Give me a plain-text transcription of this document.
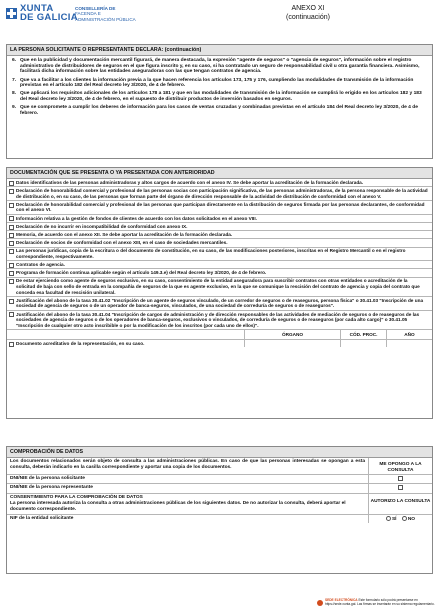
XUNTA
DE GALICIA
CONSELLERÍA DE
FACENDA E
ADMINISTRACIÓN PÚBLICA
ANEXO XI
(continuación)
LA PERSONA SOLICITANTE O REPRESENTANTE DECLARA: (continuación)
6. Que en la publicidad y documentación mercantil figurará, de manera destacada, la expresión "agente de seguros" o "agencia de seguros", información sobre el registro administrativo de distribuidores de seguros en el que figura inscrito y, en su caso, si ha contratado un seguro de responsabilidad civil u otra garantía financiera. Asimismo, facilitará dicha información sobre las entidades aseguradoras con las que tengan contratos de agencia.
7. Que va a facilitar a los clientes la información previa a la que hacen referencia los artículos 173, 175 y 176, cumpliendo las modalidades de transmisión de la información previstas en el artículo 182 del Real decreto ley 3/2020, de 4 de febrero.
8. Que aplicará los requisitos adicionales de los artículos 178 a 181 y que en las modalidades de transmisión de la información se cumplirá lo erigido en los artículos 182 y 183 del Real decreto ley 3/2020, de 4 de febrero, en el supuesto de distribuir productos de inversión basados en seguros.
9. Que se compromete a cumplir los deberes de información para los casos de ventas cruzadas y combinadas previstas en el artículo 184 del Real decreto ley 3/2020, de 4 de febrero.
DOCUMENTACIÓN QUE SE PRESENTA O YA PRESENTADA CON ANTERIORIDAD
Datos identificativos de las personas administradoras y altos cargos de acuerdo con el anexo IV. Se debe aportar la acreditación de la formación declarada.
Declaración de honorabilidad comercial y profesional de las personas socias con participación significativa, de las personas administradoras, de la persona responsable de la actividad de distribución o, en su caso, de las personas que forman parte del órgano de dirección responsable de la actividad de distribución de conformidad con el anexo V.
Declaración de honorabilidad comercial y profesional de las personas que participan directamente en la distribución de seguros firmada por las personas declarantes, de conformidad con el anexo VI.
Información relativa a la gestión de fondos de clientes de acuerdo con los datos solicitados en el anexo VIII.
Declaración de no incurrir en incompatibilidad de conformidad con anexo IX.
Memoria, de acuerdo con el anexo XII. Se debe aportar la acreditación de la formación declarada.
Declaración de socios de conformidad con el anexo XIII, en el caso de sociedades mercantiles.
Las personas jurídicas, copia de la escritura o del documento de constitución, en su caso, de las modificaciones posteriores, inscritas en el Registro Mercantil o en el registro correspondiente, respectivamente.
Contratos de agencia.
Programa de formación continua aplicable según el artículo 149.3.e) del Real decreto ley 3/2020, de 4 de febrero.
De estar ejerciendo como agente de seguros exclusivo, en su caso, consentimiento de la entidad aseguradora para suscribir contratos con otras entidades o acreditación de la solicitud de baja con sello de entrada en la compañía de seguros de la que es agente exclusivo, en la que se comunique la rescisión del contrato de agencia y copia del contrato que conceda esa facultad de rescisión unilateral.
Justificación del abono de la tasa 30.41.02 "Inscripción de un agente de seguros vinculado, de un corredor de seguros o de reaseguros, persona física" o 30.41.03 "Inscripción de una sociedad de agencia de seguros o de un operador de banca-seguros, vinculados, de una sociedad de correduría de seguros o de reaseguros".
Justificación del abono de la tasa 30.41.04 "Inscripción de cargos de administración y de dirección responsables de las actividades de mediación de seguros o de reaseguros de las sociedades de agencia de seguros o de los operadores de banca-seguros, exclusivos o vinculados, de correduría de seguros o de reaseguros (por cada alto cargo)" o 30.41.05 "Inscripción de cualquier otro acto inscribible o por la modificación de los inscritos (por cada uno de ellos)".
ÓRGANO	CÓD. PROC.	AÑO
Documento acreditativo de la representación, en su caso.
COMPROBACIÓN DE DATOS
Los documentos relacionados serán objeto de consulta a las administraciones públicas. En caso de que las personas interesadas se opongan a esta consulta, deberán indicarlo en la casilla correspondiente y aportar una copia de los documentos.
ME OPONGO A LA CONSULTA
DNI/NIE de la persona solicitante
DNI/NIE de la persona representante
CONSENTIMIENTO PARA LA COMPROBACIÓN DE DATOS
La persona interesada autoriza la consulta a otras administraciones públicas de los siguientes datos. De no autorizar la consulta, deberá aportar el documento correspondiente.
AUTORIZO LA CONSULTA
NIF de la entidad solicitante	SÍ NO
SEDE ELECTRÓNICA Este formulario sólo podrá presentarse en https://sede.xunta.gal. Las firmas se insertarán en su sistema regulamentario.
